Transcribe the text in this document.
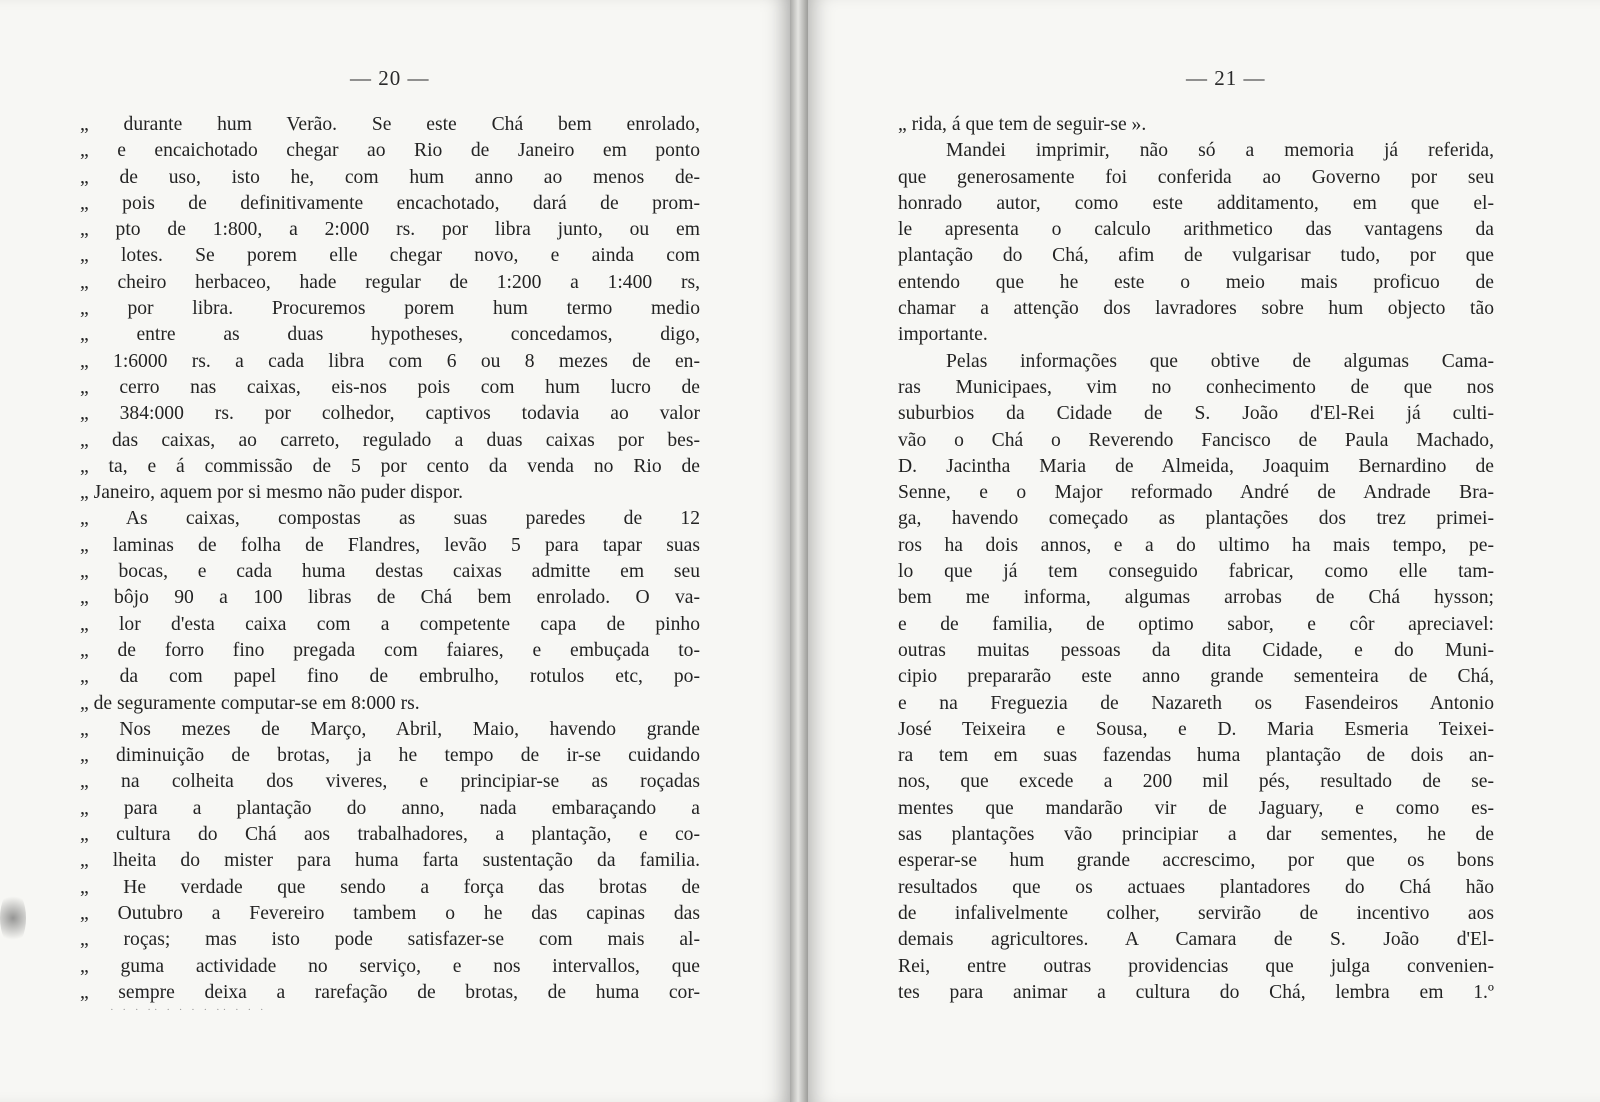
— 20 —
„ durante hum Verão. Se este Chá bem enrolado,
„ e encaichotado chegar ao Rio de Janeiro em ponto
„ de uso, isto he, com hum anno ao menos de-
„ pois de definitivamente encachotado, dará de prom-
„ pto de 1:800, a 2:000 rs. por libra junto, ou em
„ lotes. Se porem elle chegar novo, e ainda com
„ cheiro herbaceo, hade regular de 1:200 a 1:400 rs,
„ por libra. Procuremos porem hum termo medio
„ entre as duas hypotheses, concedamos, digo,
„ 1:6000 rs. a cada libra com 6 ou 8 mezes de en-
„ cerro nas caixas, eis-nos pois com hum lucro de
„ 384:000 rs. por colhedor, captivos todavia ao valor
„ das caixas, ao carreto, regulado a duas caixas por bes-
„ ta, e á commissão de 5 por cento da venda no Rio de
„ Janeiro, aquem por si mesmo não puder dispor.
„ As caixas, compostas as suas paredes de 12
„ laminas de folha de Flandres, levão 5 para tapar suas
„ bocas, e cada huma destas caixas admitte em seu
„ bôjo 90 a 100 libras de Chá bem enrolado. O va-
„ lor d'esta caixa com a competente capa de pinho
„ de forro fino pregada com faiares, e embuçada to-
„ da com papel fino de embrulho, rotulos etc, po-
„ de seguramente computar-se em 8:000 rs.
„ Nos mezes de Março, Abril, Maio, havendo grande
„ diminuição de brotas, ja he tempo de ir-se cuidando
„ na colheita dos viveres, e principiar-se as roçadas
„ para a plantação do anno, nada embaraçando a
„ cultura do Chá aos trabalhadores, a plantação, e co-
„ lheita do mister para huma farta sustentação da familia.
„ He verdade que sendo a força das brotas de
„ Outubro a Fevereiro tambem o he das capinas das
„ roças; mas isto pode satisfazer-se com mais al-
„ guma actividade no serviço, e nos intervallos, que
„ sempre deixa a rarefação de brotas, de huma cor-
· · · ·· · · · · ·· · · ·
— 21 —
„ rida, á que tem de seguir-se ».
Mandei imprimir, não só a memoria já referida,
que generosamente foi conferida ao Governo por seu
honrado autor, como este additamento, em que el-
le apresenta o calculo arithmetico das vantagens da
plantação do Chá, afim de vulgarisar tudo, por que
entendo que he este o meio mais proficuo de
chamar a attenção dos lavradores sobre hum objecto tão
importante.
Pelas informações que obtive de algumas Cama-
ras Municipaes, vim no conhecimento de que nos
suburbios da Cidade de S. João d'El-Rei já culti-
vão o Chá o Reverendo Fancisco de Paula Machado,
D. Jacintha Maria de Almeida, Joaquim Bernardino de
Senne, e o Major reformado André de Andrade Bra-
ga, havendo começado as plantações dos trez primei-
ros ha dois annos, e a do ultimo ha mais tempo, pe-
lo que já tem conseguido fabricar, como elle tam-
bem me informa, algumas arrobas de Chá hysson;
e de familia, de optimo sabor, e côr apreciavel:
outras muitas pessoas da dita Cidade, e do Muni-
cipio prepararão este anno grande sementeira de Chá,
e na Freguezia de Nazareth os Fasendeiros Antonio
José Teixeira e Sousa, e D. Maria Esmeria Teixei-
ra tem em suas fazendas huma plantação de dois an-
nos, que excede a 200 mil pés, resultado de se-
mentes que mandarão vir de Jaguary, e como es-
sas plantações vão principiar a dar sementes, he de
esperar-se hum grande accrescimo, por que os bons
resultados que os actuaes plantadores do Chá hão
de infalivelmente colher, servirão de incentivo aos
demais agricultores. A Camara de S. João d'El-
Rei, entre outras providencias que julga convenien-
tes para animar a cultura do Chá, lembra em 1.º
